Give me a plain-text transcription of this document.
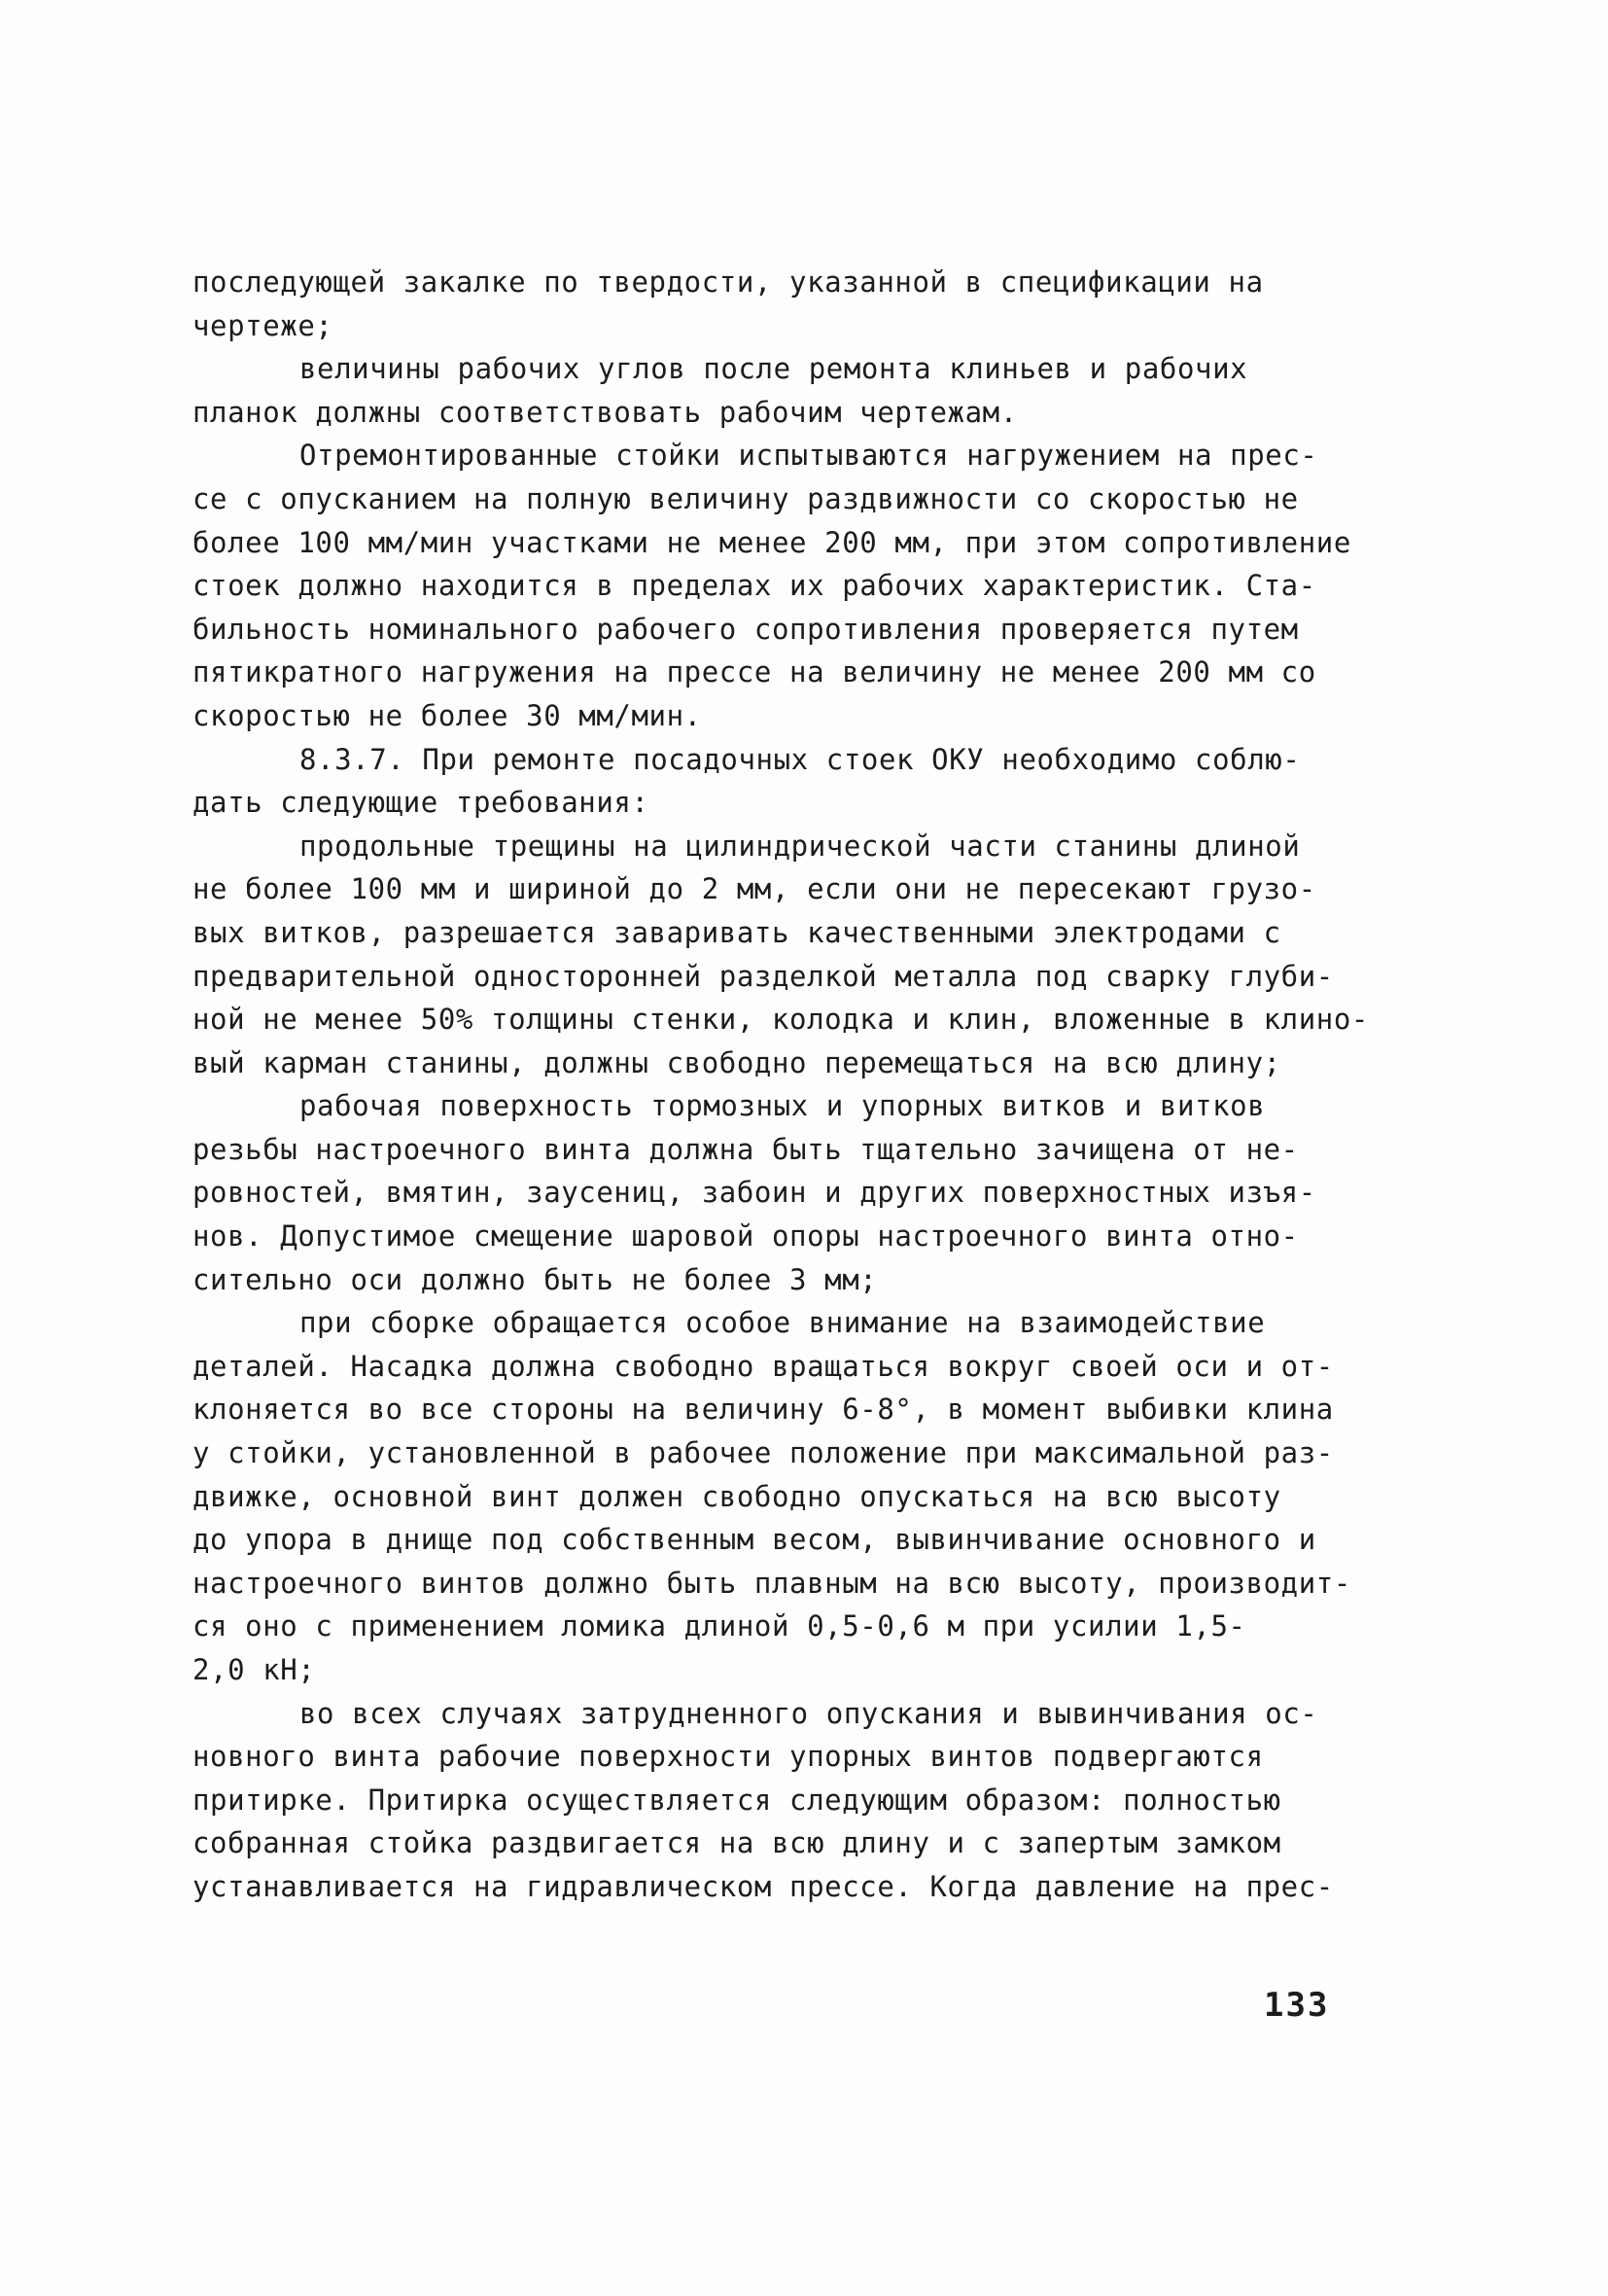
последующей закалке по твердости, указанной в спецификации на
чертеже;
величины рабочих углов после ремонта клиньев и рабочих
планок должны соответствовать рабочим чертежам.
Отремонтированные стойки испытываются нагружением на прес-
се с опусканием на полную величину раздвижности со скоростью не
более 100 мм/мин участками не менее 200 мм, при этом сопротивление
стоек должно находится в пределах их рабочих характеристик. Ста-
бильность номинального рабочего сопротивления проверяется путем
пятикратного нагружения на прессе на величину не менее 200 мм со
скоростью не более 30 мм/мин.
8.3.7. При ремонте посадочных стоек ОКУ необходимо соблю-
дать следующие требования:
продольные трещины на цилиндрической части станины длиной
не более 100 мм и шириной до 2 мм, если они не пересекают грузо-
вых витков, разрешается заваривать качественными электродами с
предварительной односторонней разделкой металла под сварку глуби-
ной не менее 50% толщины стенки, колодка и клин, вложенные в клино-
вый карман станины, должны свободно перемещаться на всю длину;
рабочая поверхность тормозных и упорных витков и витков
резьбы настроечного винта должна быть тщательно зачищена от не-
ровностей, вмятин, заусениц, забоин и других поверхностных изъя-
нов. Допустимое смещение шаровой опоры настроечного винта отно-
сительно оси должно быть не более 3 мм;
при сборке обращается особое внимание на взаимодействие
деталей. Насадка должна свободно вращаться вокруг своей оси и от-
клоняется во все стороны на величину 6-8°, в момент выбивки клина
у стойки, установленной в рабочее положение при максимальной раз-
движке, основной винт должен свободно опускаться на всю высоту
до упора в днище под собственным весом, вывинчивание основного и
настроечного винтов должно быть плавным на всю высоту, производит-
ся оно с применением ломика длиной 0,5-0,6 м при усилии 1,5-
2,0 кН;
во всех случаях затрудненного опускания и вывинчивания ос-
новного винта рабочие поверхности упорных винтов подвергаются
притирке. Притирка осуществляется следующим образом: полностью
собранная стойка раздвигается на всю длину и с запертым замком
устанавливается на гидравлическом прессе. Когда давление на прес-
133
